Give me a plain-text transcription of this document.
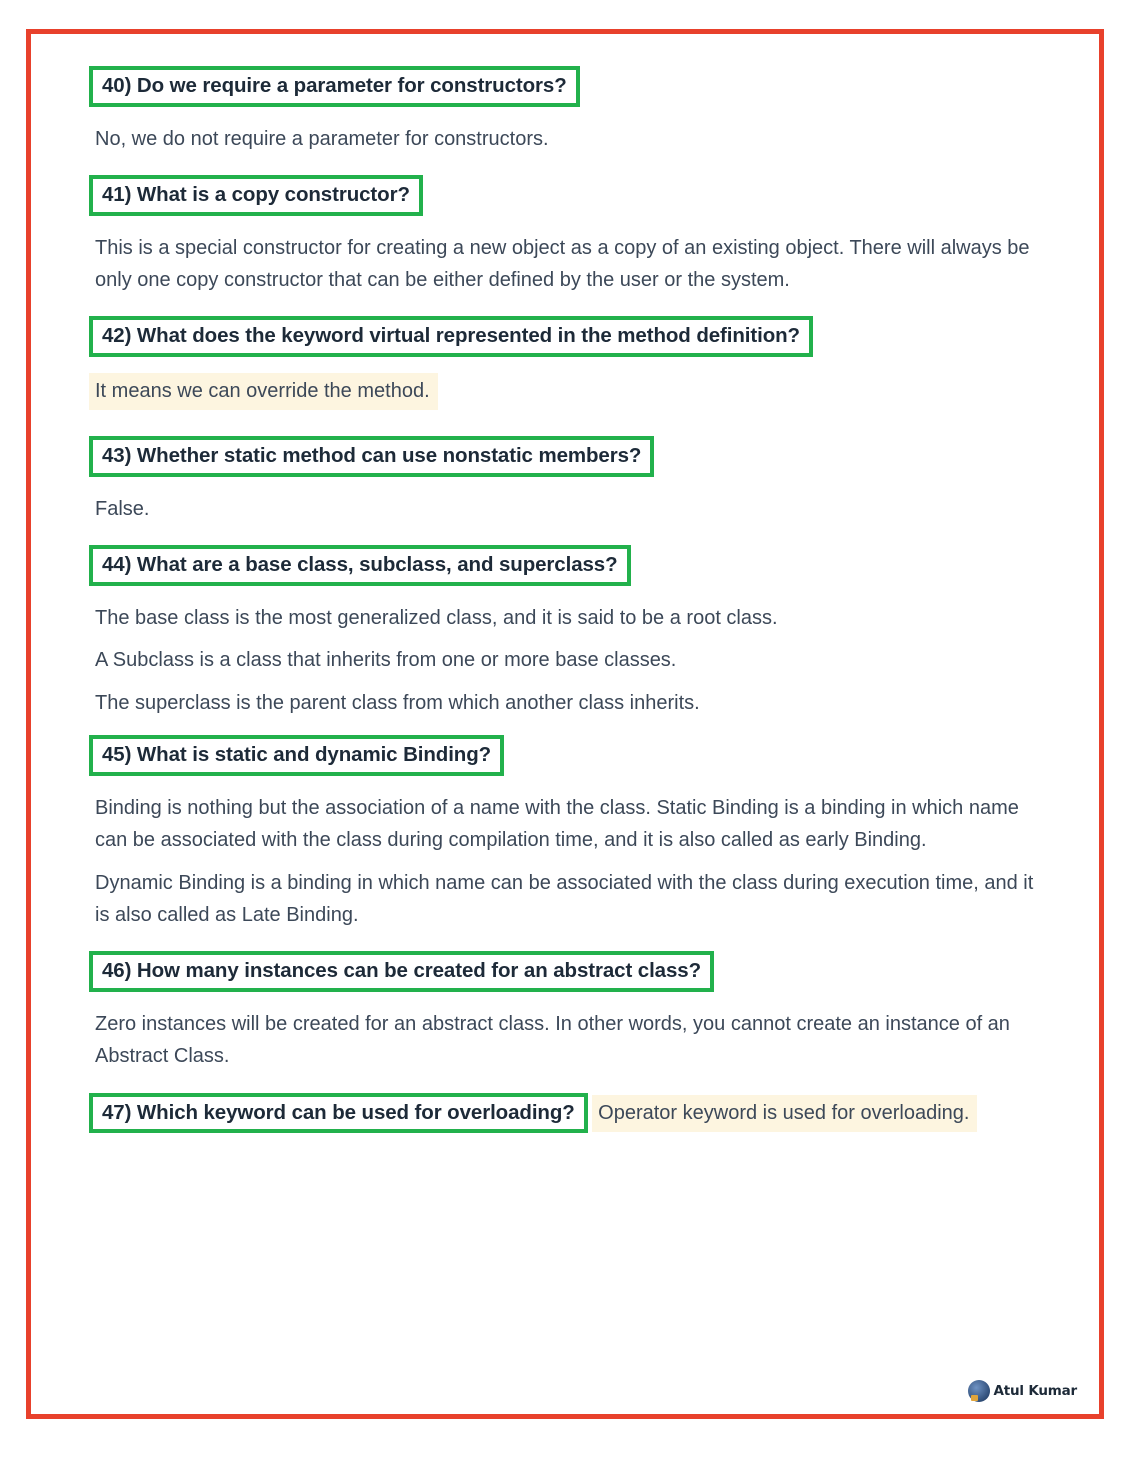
40) Do we require a parameter for constructors?
No, we do not require a parameter for constructors.
41) What is a copy constructor?
This is a special constructor for creating a new object as a copy of an existing object. There will always be only one copy constructor that can be either defined by the user or the system.
42) What does the keyword virtual represented in the method definition? It means we can override the method.
43) Whether static method can use nonstatic members?
False.
44) What are a base class, subclass, and superclass?
The base class is the most generalized class, and it is said to be a root class.
A Subclass is a class that inherits from one or more base classes.
The superclass is the parent class from which another class inherits.
45) What is static and dynamic Binding?
Binding is nothing but the association of a name with the class. Static Binding is a binding in which name can be associated with the class during compilation time, and it is also called as early Binding.
Dynamic Binding is a binding in which name can be associated with the class during execution time, and it is also called as Late Binding.
46) How many instances can be created for an abstract class?
Zero instances will be created for an abstract class. In other words, you cannot create an instance of an Abstract Class.
47) Which keyword can be used for overloading? Operator keyword is used for overloading.
Atul Kumar
